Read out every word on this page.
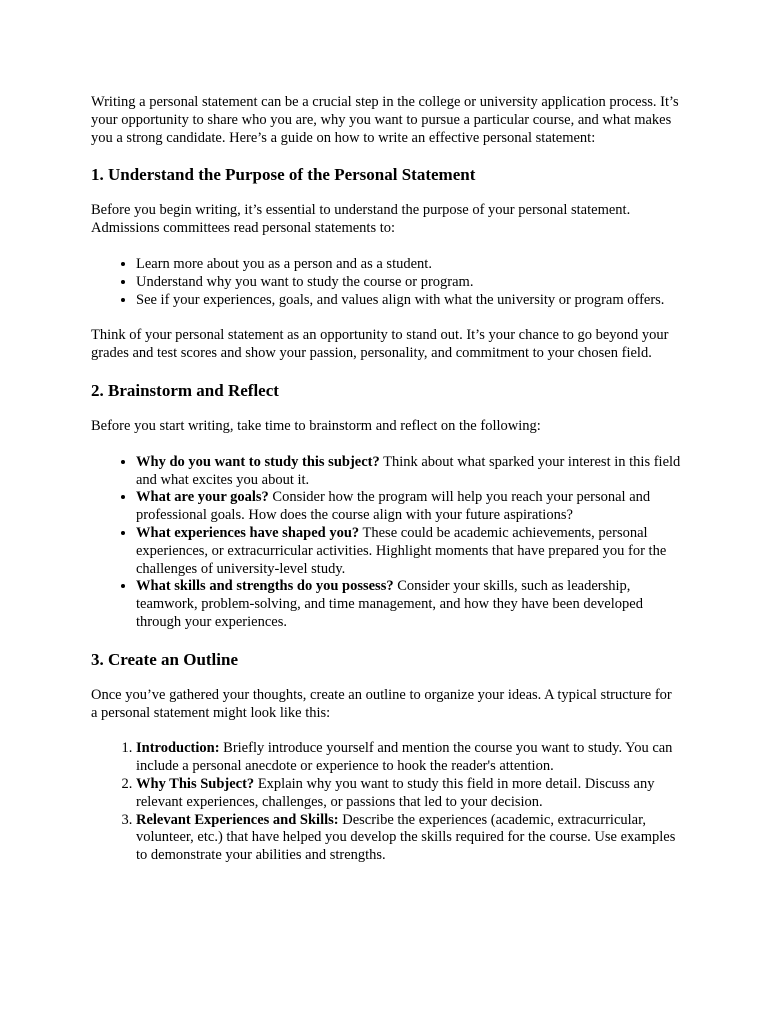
Writing a personal statement can be a crucial step in the college or university application process. It’s your opportunity to share who you are, why you want to pursue a particular course, and what makes you a strong candidate. Here’s a guide on how to write an effective personal statement:

1. Understand the Purpose of the Personal Statement

Before you begin writing, it’s essential to understand the purpose of your personal statement. Admissions committees read personal statements to:

• Learn more about you as a person and as a student.
• Understand why you want to study the course or program.
• See if your experiences, goals, and values align with what the university or program offers.

Think of your personal statement as an opportunity to stand out. It’s your chance to go beyond your grades and test scores and show your passion, personality, and commitment to your chosen field.

2. Brainstorm and Reflect

Before you start writing, take time to brainstorm and reflect on the following:

• Why do you want to study this subject? Think about what sparked your interest in this field and what excites you about it.
• What are your goals? Consider how the program will help you reach your personal and professional goals. How does the course align with your future aspirations?
• What experiences have shaped you? These could be academic achievements, personal experiences, or extracurricular activities. Highlight moments that have prepared you for the challenges of university-level study.
• What skills and strengths do you possess? Consider your skills, such as leadership, teamwork, problem-solving, and time management, and how they have been developed through your experiences.
3. Create an Outline

Once you’ve gathered your thoughts, create an outline to organize your ideas. A typical structure for a personal statement might look like this:

1. Introduction: Briefly introduce yourself and mention the course you want to study. You can include a personal anecdote or experience to hook the reader's attention.
2. Why This Subject? Explain why you want to study this field in more detail. Discuss any relevant experiences, challenges, or passions that led to your decision.
3. Relevant Experiences and Skills: Describe the experiences (academic, extracurricular, volunteer, etc.) that have helped you develop the skills required for the course. Use examples to demonstrate your abilities and strengths.
